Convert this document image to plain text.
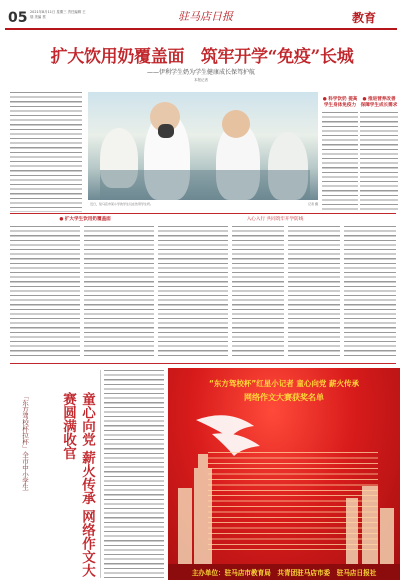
05 2021年8月11日 星期三 责任编辑 王瑞 美编 蔡	驻马店日报	教育
扩大饮用奶覆盖面　筑牢开学“免疫”长城
——伊利学生奶为学生健康成长保驾护航
本报记者
近日，驻马店市某小学的学生们在饮用学生奶。	记者 摄
● 科学饮奶 提高学生身体免疫力
● 推进营养改善 保障学生成长需求
● 扩大学生饮用奶覆盖面	入心入行 共同筑牢开学防线
「东方驾校杯拉杯」全市中小学生	童心向党 薪火传承 网络作文大赛圆满收官
“东方驾校杯”红星小记者 童心向党 薪火传承
网络作文大赛获奖名单
主办单位：驻马店市教育局　共青团驻马店市委　驻马店日报社
